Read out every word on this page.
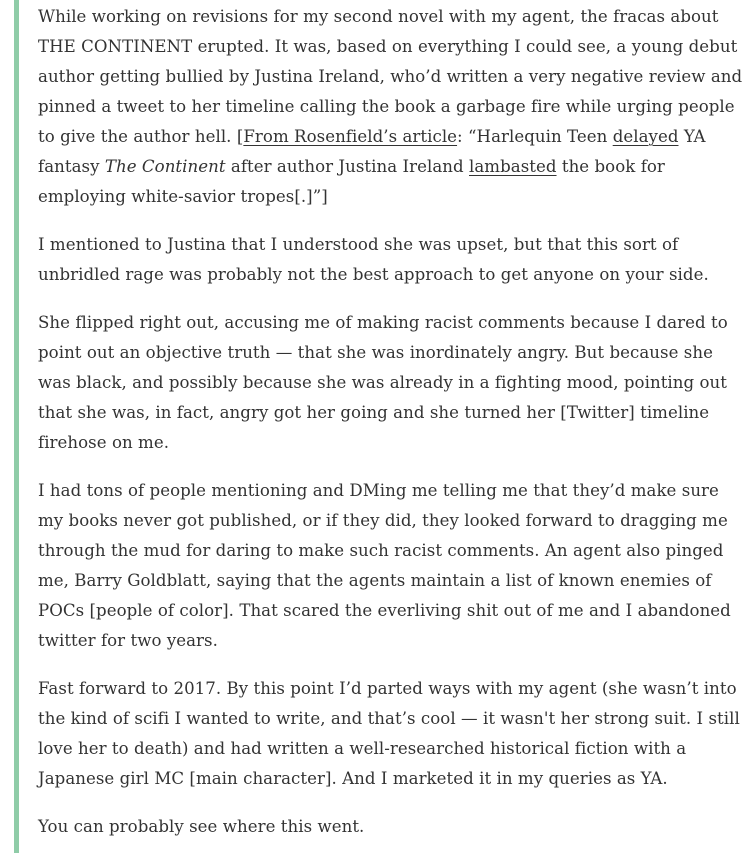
While working on revisions for my second novel with my agent, the fracas about THE CONTINENT erupted. It was, based on everything I could see, a young debut author getting bullied by Justina Ireland, who’d written a very negative review and pinned a tweet to her timeline calling the book a garbage fire while urging people to give the author hell. [From Rosenfield’s article: “Harlequin Teen delayed YA fantasy The Continent after author Justina Ireland lambasted the book for employing white-savior tropes[.]”]

I mentioned to Justina that I understood she was upset, but that this sort of unbridled rage was probably not the best approach to get anyone on your side.

She flipped right out, accusing me of making racist comments because I dared to point out an objective truth — that she was inordinately angry. But because she was black, and possibly because she was already in a fighting mood, pointing out that she was, in fact, angry got her going and she turned her [Twitter] timeline firehose on me.

I had tons of people mentioning and DMing me telling me that they’d make sure my books never got published, or if they did, they looked forward to dragging me through the mud for daring to make such racist comments. An agent also pinged me, Barry Goldblatt, saying that the agents maintain a list of known enemies of POCs [people of color]. That scared the everliving shit out of me and I abandoned twitter for two years.

Fast forward to 2017. By this point I’d parted ways with my agent (she wasn’t into the kind of scifi I wanted to write, and that’s cool — it wasn't her strong suit. I still love her to death) and had written a well-researched historical fiction with a Japanese girl MC [main character]. And I marketed it in my queries as YA.

You can probably see where this went.
